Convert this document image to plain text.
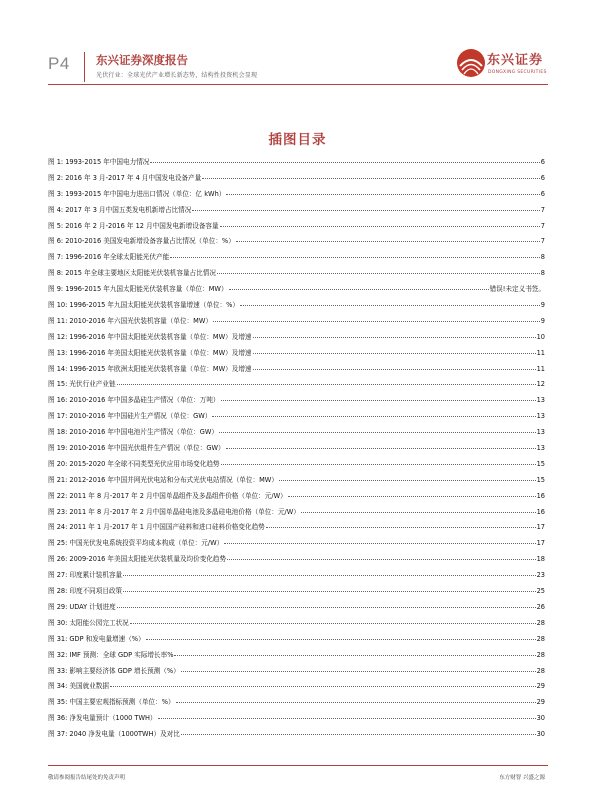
P4 东兴证券深度报告
光伏行业：全球光伏产业增长新态势，结构性投资机会显现
东兴证券
DONGXING SECURITIES
插图目录
图 1: 1993-2015 年中国电力情况	6
图 2: 2016 年 3 月-2017 年 4 月中国发电设备产量	6
图 3: 1993-2015 年中国电力进出口情况（单位：亿 kWh）	6
图 4: 2017 年 3 月中国五类发电机新增占比情况	7
图 5: 2016 年 2 月-2016 年 12 月中国发电新增设备容量	7
图 6: 2010-2016 美国发电新增设备容量占比情况（单位：%）	7
图 7: 1996-2016 年全球太阳能光伏产能	8
图 8: 2015 年全球主要地区太阳能光伏装机容量占比情况	8
图 9: 1996-2015 年九国太阳能光伏装机容量（单位：MW）	错误!未定义书签。
图 10: 1996-2015 年九国太阳能光伏装机容量增速（单位：%）	9
图 11: 2010-2016 年六国光伏装机容量（单位：MW）	9
图 12: 1996-2016 年中国太阳能光伏装机容量（单位：MW）及增速	10
图 13: 1996-2016 年美国太阳能光伏装机容量（单位：MW）及增速	11
图 14: 1996-2015 年欧洲太阳能光伏装机容量（单位：MW）及增速	11
图 15: 光伏行业产业链	12
图 16: 2010-2016 年中国多晶硅生产情况（单位：万吨）	13
图 17: 2010-2016 年中国硅片生产情况（单位：GW）	13
图 18: 2010-2016 年中国电池片生产情况（单位：GW）	13
图 19: 2010-2016 年中国光伏组件生产情况（单位：GW）	13
图 20: 2015-2020 年全球不同类型光伏应用市场变化趋势	15
图 21: 2012-2016 年中国并网光伏电站和分布式光伏电站情况（单位：MW）	15
图 22: 2011 年 8 月-2017 年 2 月中国单晶组件及多晶组件价格（单位：元/W）	16
图 23: 2011 年 8 月-2017 年 2 月中国单晶硅电池及多晶硅电池价格（单位：元/W）	16
图 24: 2011 年 1 月-2017 年 1 月中国国产硅料和进口硅料价格变化趋势	17
图 25: 中国光伏发电系统投资平均成本构成（单位：元/W）	17
图 26: 2009-2016 年美国太阳能光伏装机量及均价变化趋势	18
图 27: 印度累计装机容量	23
图 28: 印度不同项目政策	25
图 29: UDAY 计划进度	26
图 30: 太阳能公园完工状况	28
图 31: GDP 和发电量增速（%）	28
图 32: IMF 预测：全球 GDP 实际增长率%	28
图 33: 影响主要经济体 GDP 增长预测（%）	28
图 34: 美国就业数据	29
图 35: 中国主要宏观指标预测（单位：%）	29
图 36: 净发电量预计（1000 TWH）	30
图 37: 2040 净发电量（1000TWH）及对比	30
敬请参阅报告结尾处的免责声明	东方财智 兴盛之源
